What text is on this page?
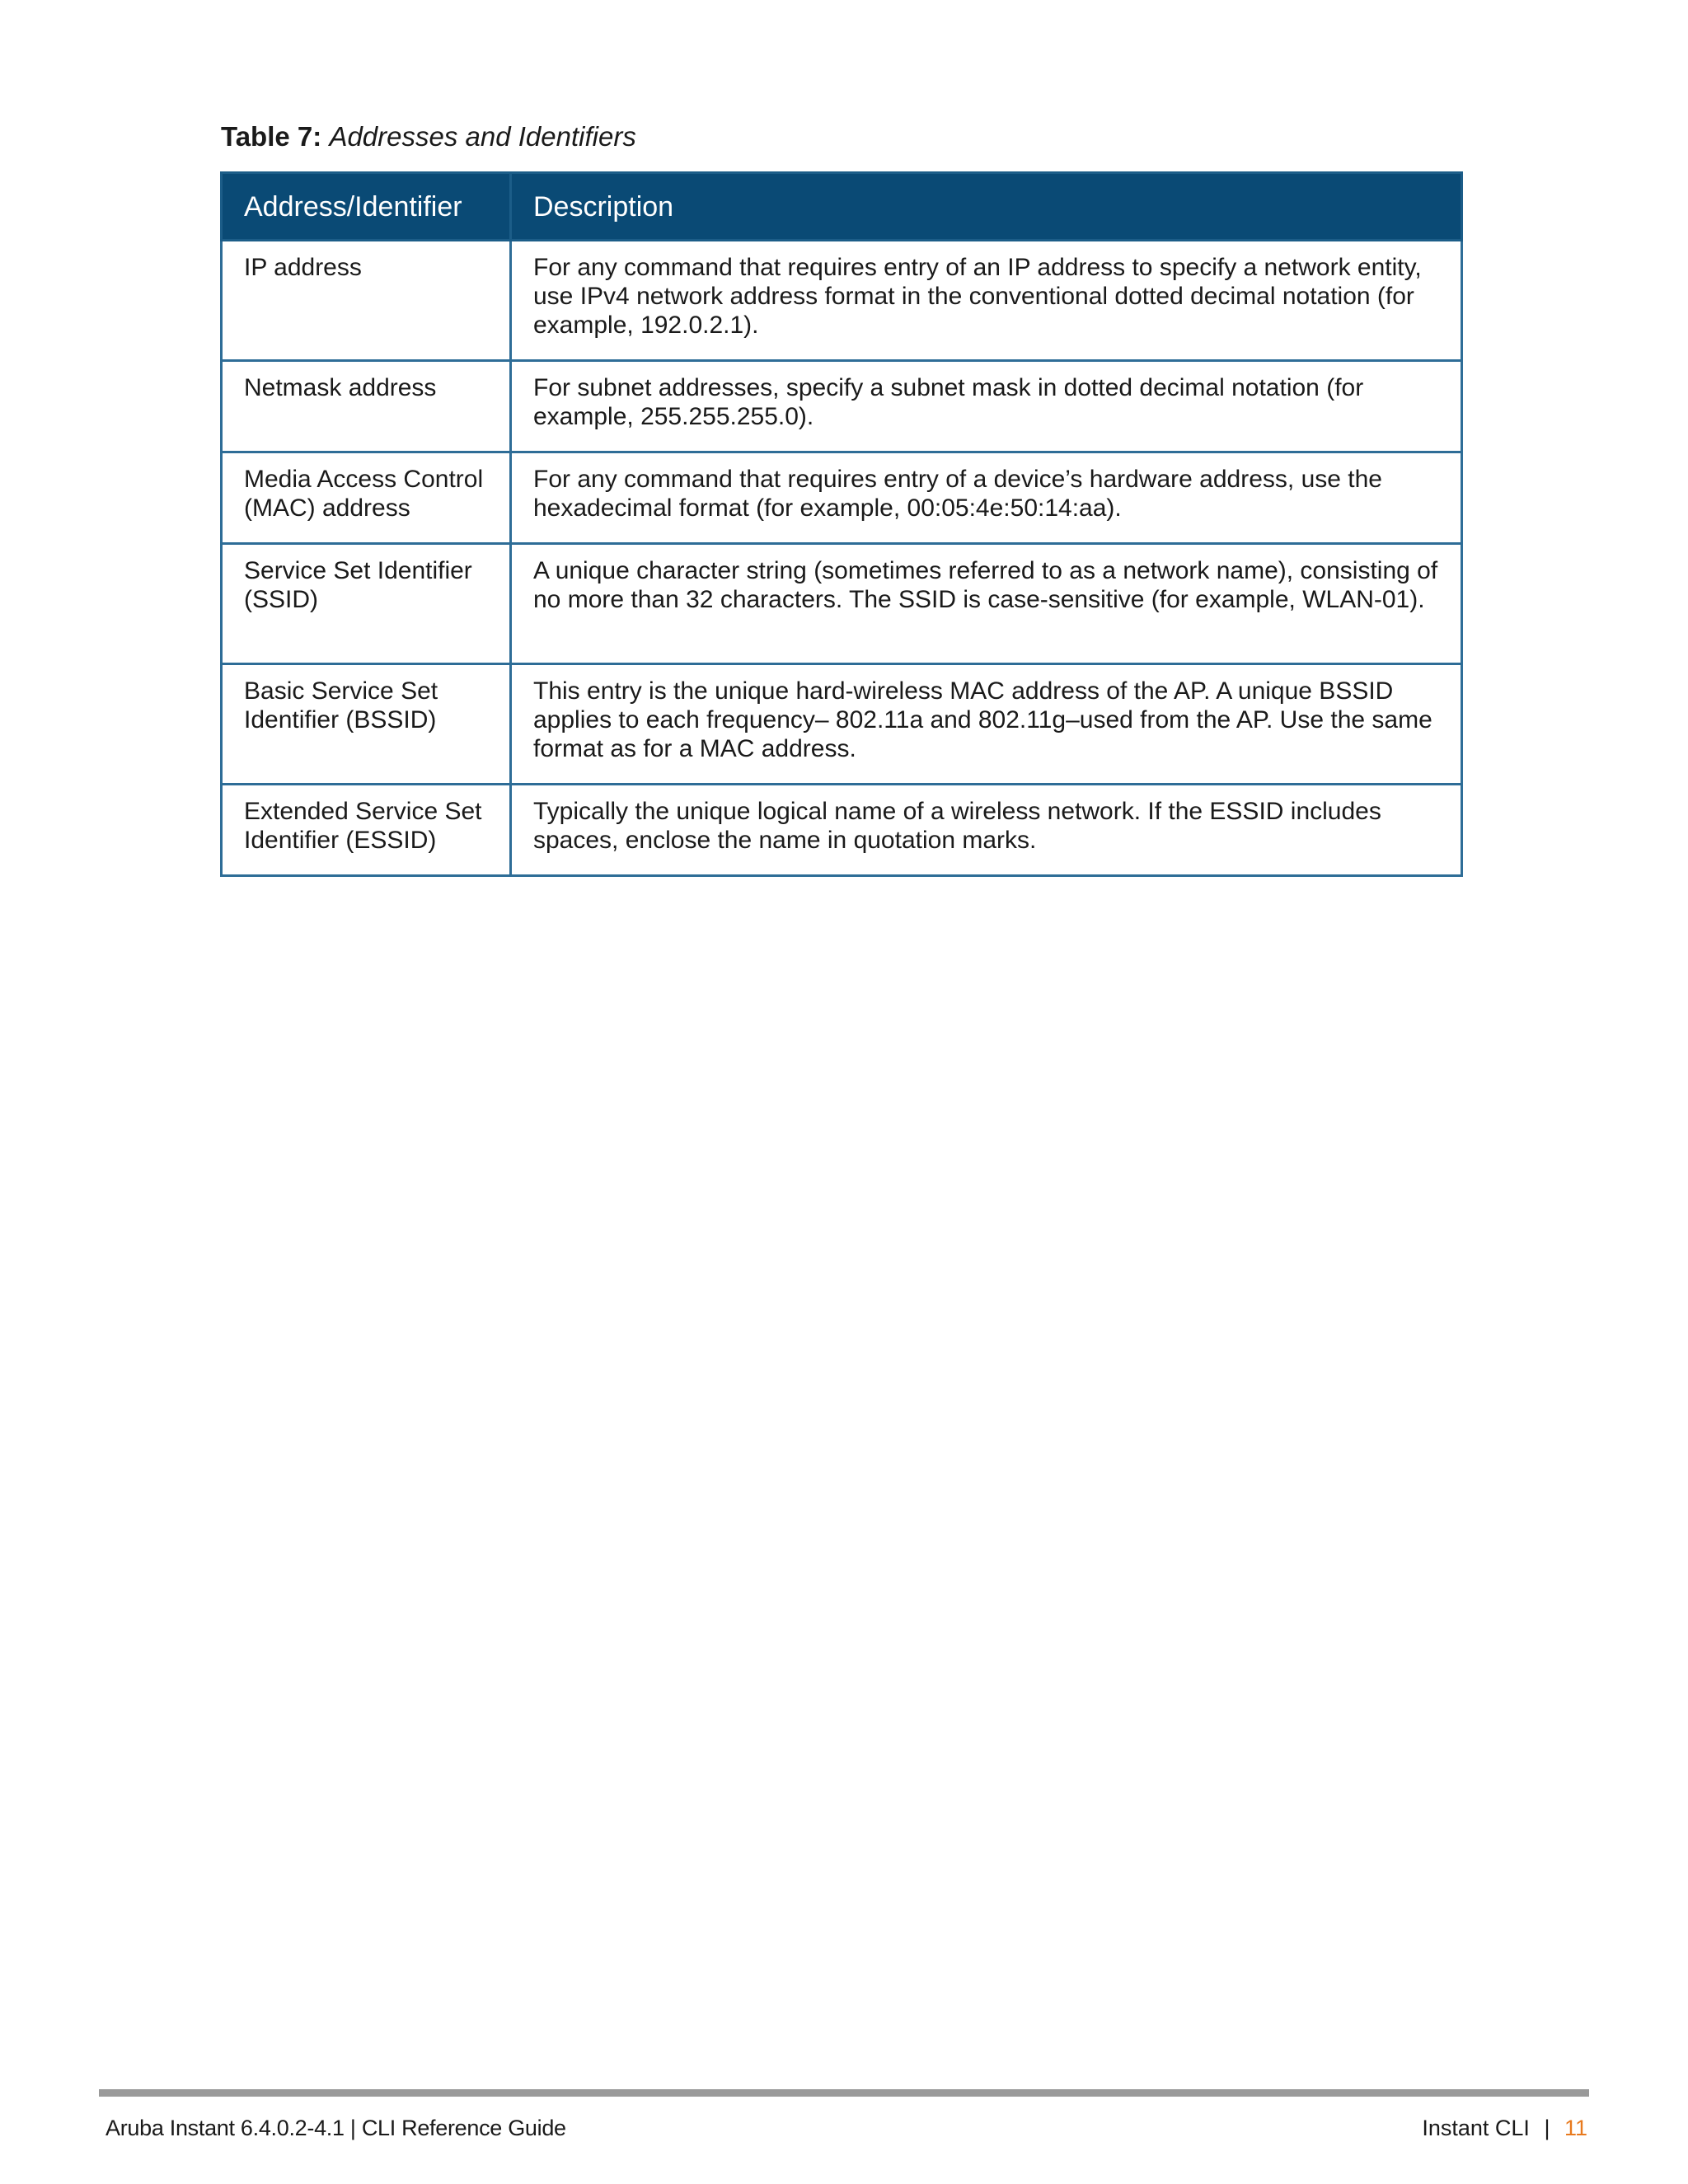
Table 7: Addresses and Identifiers
Address/Identifier	Description
IP address	For any command that requires entry of an IP address to specify a network entity, use IPv4 network address format in the conventional dotted decimal notation (for example, 192.0.2.1).
Netmask address	For subnet addresses, specify a subnet mask in dotted decimal notation (for example, 255.255.255.0).
Media Access Control (MAC) address	For any command that requires entry of a device’s hardware address, use the hexadecimal format (for example, 00:05:4e:50:14:aa).
Service Set Identifier (SSID)	A unique character string (sometimes referred to as a network name), consisting of no more than 32 characters. The SSID is case-sensitive (for example, WLAN-01).
Basic Service Set Identifier (BSSID)	This entry is the unique hard-wireless MAC address of the AP. A unique BSSID applies to each frequency– 802.11a and 802.11g–used from the AP. Use the same format as for a MAC address.
Extended Service Set Identifier (ESSID)	Typically the unique logical name of a wireless network. If the ESSID includes spaces, enclose the name in quotation marks.
Aruba Instant 6.4.0.2-4.1 | CLI Reference Guide	Instant CLI | 11
